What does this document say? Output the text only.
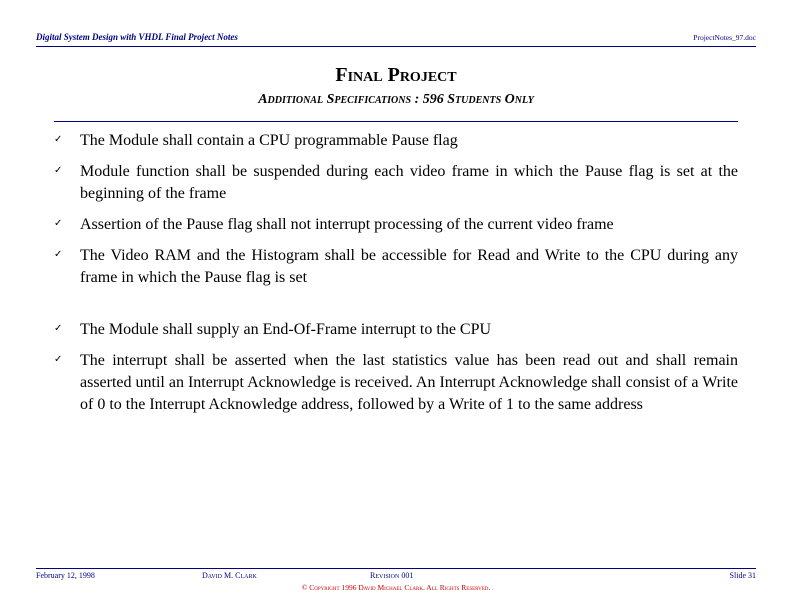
Digital System Design with VHDL Final Project Notes	ProjectNotes_97.doc
Final Project
Additional Specifications : 596 Students Only
✓ The Module shall contain a CPU programmable Pause flag
✓ Module function shall be suspended during each video frame in which the Pause flag is set at the beginning of the frame
✓ Assertion of the Pause flag shall not interrupt processing of the current video frame
✓ The Video RAM and the Histogram shall be accessible for Read and Write to the CPU during any frame in which the Pause flag is set
✓ The Module shall supply an End-Of-Frame interrupt to the CPU
✓ The interrupt shall be asserted when the last statistics value has been read out and shall remain asserted until an Interrupt Acknowledge is received. An Interrupt Acknowledge shall consist of a Write of 0 to the Interrupt Acknowledge address, followed by a Write of 1 to the same address
February 12, 1998	David M. Clark	Revision 001	Slide 31
© Copyright 1996 David Michael Clark. All Rights Reserved.
